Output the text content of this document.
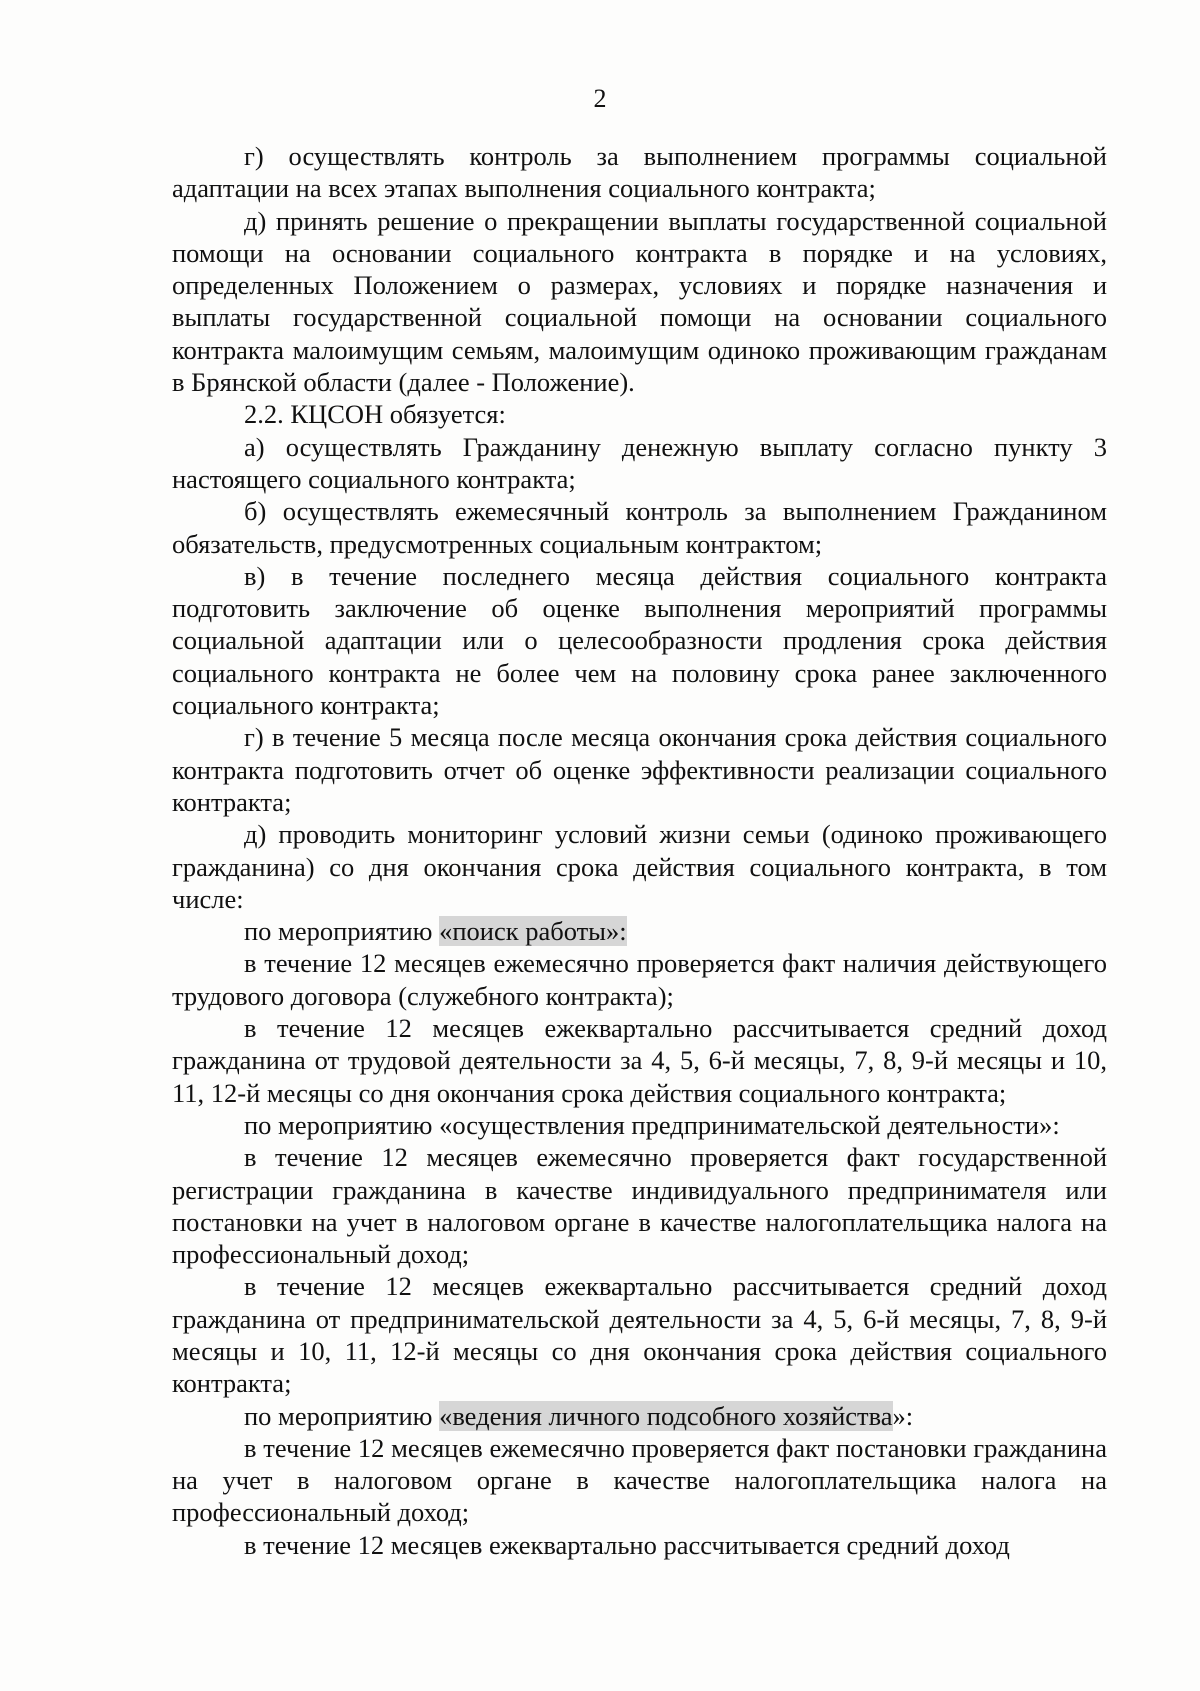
2

г) осуществлять контроль за выполнением программы социальной адаптации на всех этапах выполнения социального контракта;

д) принять решение о прекращении выплаты государственной социальной помощи на основании социального контракта в порядке и на условиях, определенных Положением о размерах, условиях и порядке назначения и выплаты государственной социальной помощи на основании социального контракта малоимущим семьям, малоимущим одиноко проживающим гражданам в Брянской области (далее - Положение).

2.2. КЦСОН обязуется:

а) осуществлять Гражданину денежную выплату согласно пункту 3 настоящего социального контракта;

б) осуществлять ежемесячный контроль за выполнением Гражданином обязательств, предусмотренных социальным контрактом;

в) в течение последнего месяца действия социального контракта подготовить заключение об оценке выполнения мероприятий программы социальной адаптации или о целесообразности продления срока действия социального контракта не более чем на половину срока ранее заключенного социального контракта;

г) в течение 5 месяца после месяца окончания срока действия социального контракта подготовить отчет об оценке эффективности реализации социального контракта;

д) проводить мониторинг условий жизни семьи (одиноко проживающего гражданина) со дня окончания срока действия социального контракта, в том числе:

по мероприятию «поиск работы»:

в течение 12 месяцев ежемесячно проверяется факт наличия действующего трудового договора (служебного контракта);

в течение 12 месяцев ежеквартально рассчитывается средний доход гражданина от трудовой деятельности за 4, 5, 6-й месяцы, 7, 8, 9-й месяцы и 10, 11, 12-й месяцы со дня окончания срока действия социального контракта;

по мероприятию «осуществления предпринимательской деятельности»:

в течение 12 месяцев ежемесячно проверяется факт государственной регистрации гражданина в качестве индивидуального предпринимателя или постановки на учет в налоговом органе в качестве налогоплательщика налога на профессиональный доход;

в течение 12 месяцев ежеквартально рассчитывается средний доход гражданина от предпринимательской деятельности за 4, 5, 6-й месяцы, 7, 8, 9-й месяцы и 10, 11, 12-й месяцы со дня окончания срока действия социального контракта;

по мероприятию «ведения личного подсобного хозяйства»:

в течение 12 месяцев ежемесячно проверяется факт постановки гражданина на учет в налоговом органе в качестве налогоплательщика налога на профессиональный доход;

в течение 12 месяцев ежеквартально рассчитывается средний доход
